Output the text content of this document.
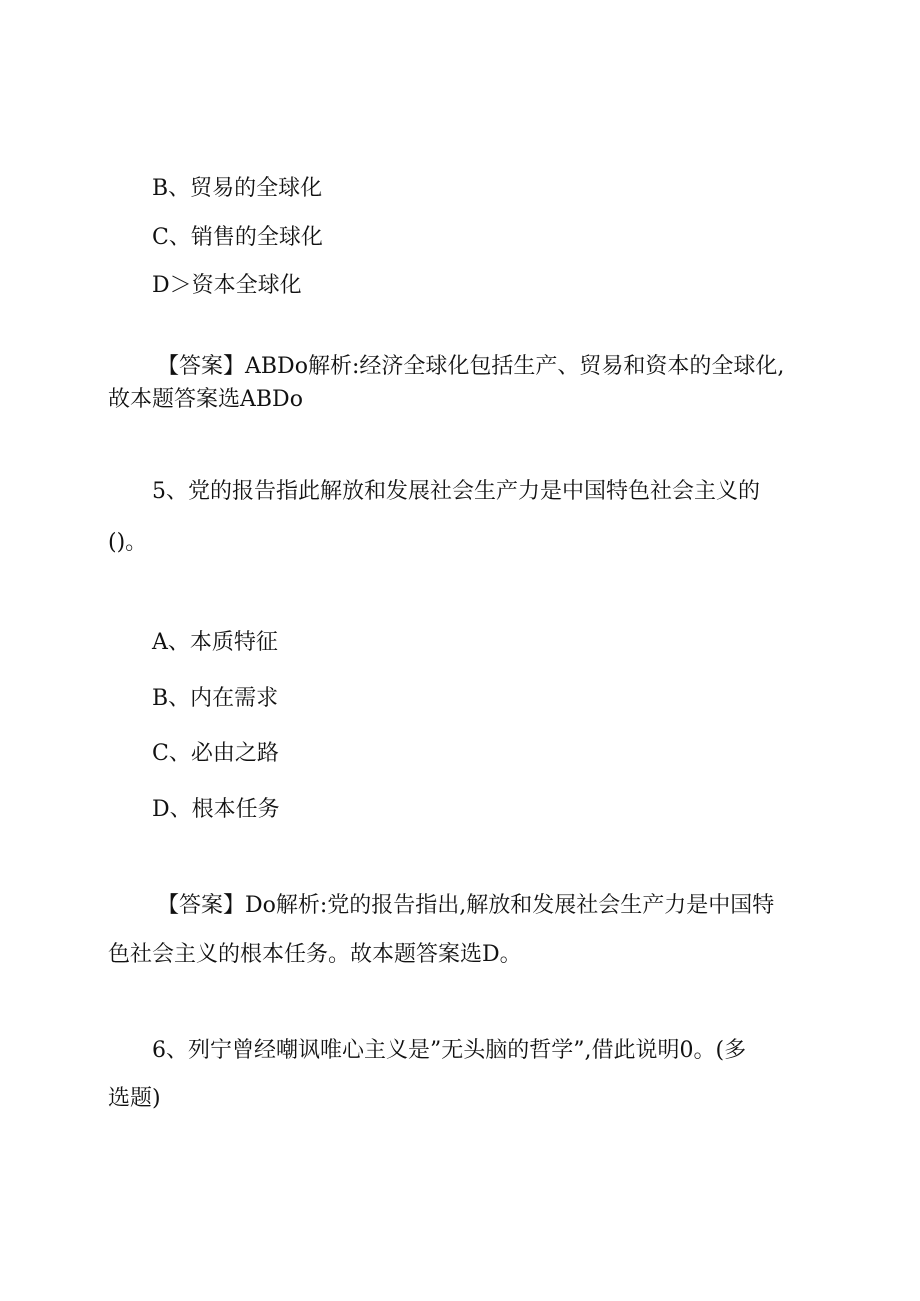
B、贸易的全球化
C、销售的全球化
D＞资本全球化
【答案】ABDo解析:经济全球化包括生产、贸易和资本的全球化,
故本题答案选ABDo
5、党的报告指此解放和发展社会生产力是中国特色社会主义的
()。
A、本质特征
B、内在需求
C、必由之路
D、根本任务
【答案】Do解析:党的报告指出,解放和发展社会生产力是中国特
色社会主义的根本任务。故本题答案选D。
6、列宁曾经嘲讽唯心主义是”无头脑的哲学”,借此说明0。(多
选题)
